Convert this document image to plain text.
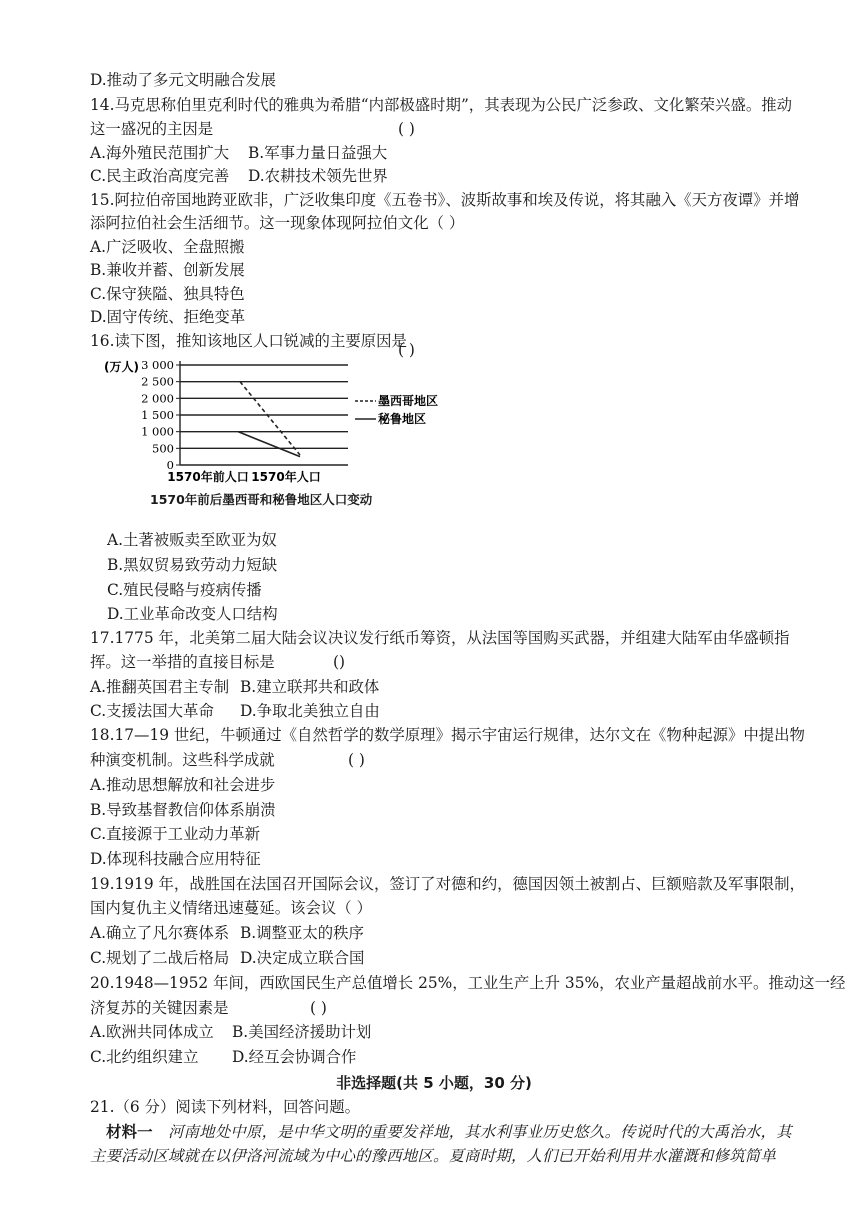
D.推动了多元文明融合发展
14.马克思称伯里克利时代的雅典为希腊“内部极盛时期”，其表现为公民广泛参政、文化繁荣兴盛。推动
这一盛况的主因是	( )
A.海外殖民范围扩大 B.军事力量日益强大
C.民主政治高度完善 D.农耕技术领先世界
15.阿拉伯帝国地跨亚欧非，广泛收集印度《五卷书》、波斯故事和埃及传说，将其融入《天方夜谭》并增
添阿拉伯社会生活细节。这一现象体现阿拉伯文化（ ）
A.广泛吸收、全盘照搬
B.兼收并蓄、创新发展
C.保守狭隘、独具特色
D.固守传统、拒绝变革
16.读下图，推知该地区人口锐减的主要原因是
( )
(万人) 3 000
2 500
2 000
1 500
1 000
500
0
1570年前人口 1570年人口
墨西哥地区
秘鲁地区
1570年前后墨西哥和秘鲁地区人口变动
A.土著被贩卖至欧亚为奴
B.黑奴贸易致劳动力短缺
C.殖民侵略与疫病传播
D.工业革命改变人口结构
17.1775 年，北美第二届大陆会议决议发行纸币筹资，从法国等国购买武器，并组建大陆军由华盛顿指
挥。这一举措的直接目标是	()
A.推翻英国君主专制 B.建立联邦共和政体
C.支援法国大革命 D.争取北美独立自由
18.17—19 世纪，牛顿通过《自然哲学的数学原理》揭示宇宙运行规律，达尔文在《物种起源》中提出物
种演变机制。这些科学成就	( )
A.推动思想解放和社会进步
B.导致基督教信仰体系崩溃
C.直接源于工业动力革新
D.体现科技融合应用特征
19.1919 年，战胜国在法国召开国际会议，签订了对德和约，德国因领土被割占、巨额赔款及军事限制，
国内复仇主义情绪迅速蔓延。该会议（ ）
A.确立了凡尔赛体系 B.调整亚太的秩序
C.规划了二战后格局 D.决定成立联合国
20.1948—1952 年间，西欧国民生产总值增长 25%，工业生产上升 35%，农业产量超战前水平。推动这一经
济复苏的关键因素是	( )
A.欧洲共同体成立 B.美国经济援助计划
C.北约组织建立 D.经互会协调合作
非选择题(共 5 小题，30 分)
21.（6 分）阅读下列材料，回答问题。
材料一 河南地处中原，是中华文明的重要发祥地，其水利事业历史悠久。传说时代的大禹治水，其
主要活动区域就在以伊洛河流域为中心的豫西地区。夏商时期，人们已开始利用井水灌溉和修筑简单
